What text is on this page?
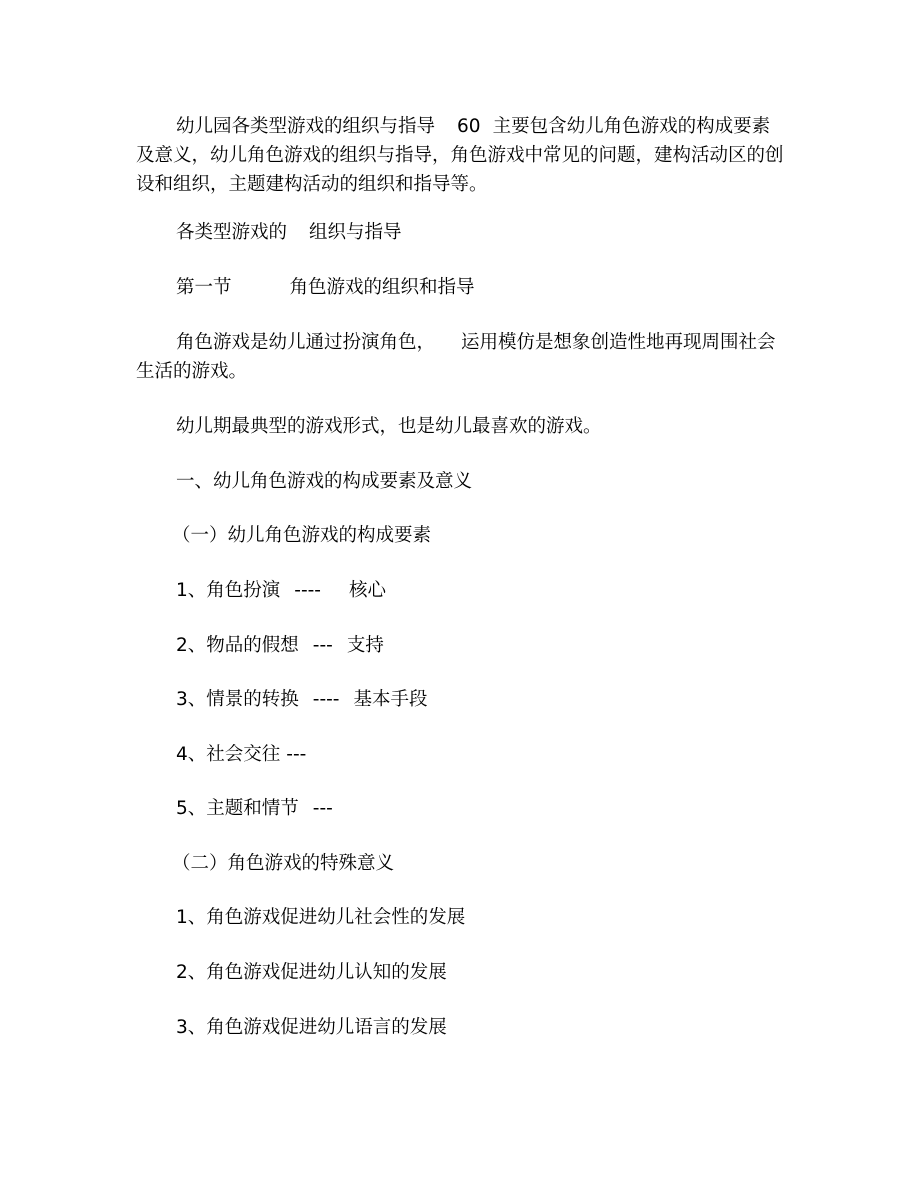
幼儿园各类型游戏的组织与指导 60 主要包含幼儿角色游戏的构成要素及意义，幼儿角色游戏的组织与指导，角色游戏中常见的问题，建构活动区的创设和组织，主题建构活动的组织和指导等。
各类型游戏的 组织与指导
第一节	角色游戏的组织和指导
角色游戏是幼儿通过扮演角色， 运用模仿是想象创造性地再现周围社会生活的游戏。
幼儿期最典型的游戏形式，也是幼儿最喜欢的游戏。
一、幼儿角色游戏的构成要素及意义
（一）幼儿角色游戏的构成要素
1、角色扮演 ---- 核心
2、物品的假想 --- 支持
3、情景的转换 ---- 基本手段
4、社会交往 ---
5、主题和情节 ---
（二）角色游戏的特殊意义
1、角色游戏促进幼儿社会性的发展
2、角色游戏促进幼儿认知的发展
3、角色游戏促进幼儿语言的发展
